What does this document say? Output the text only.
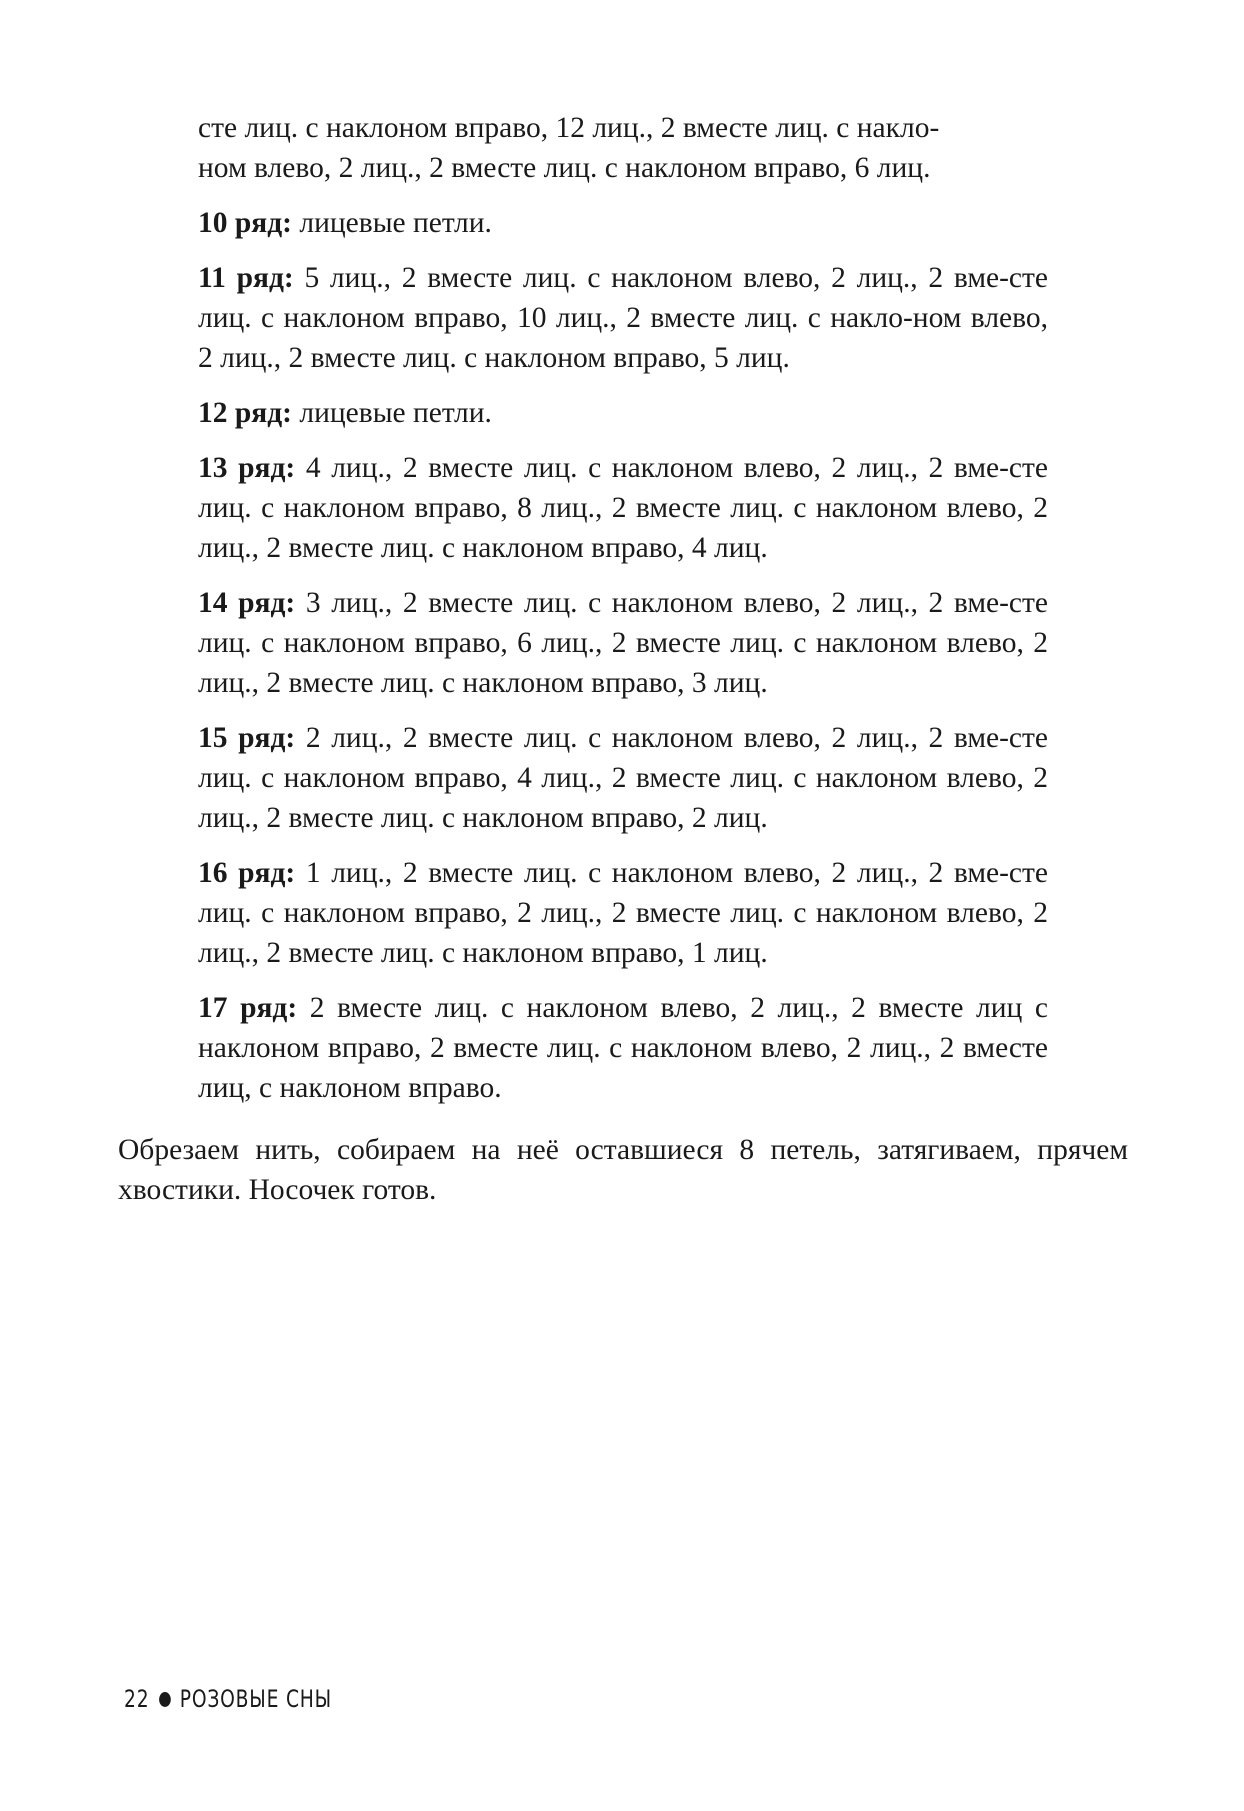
сте лиц. с наклоном вправо, 12 лиц., 2 вместе лиц. с накло-
ном влево, 2 лиц., 2 вместе лиц. с наклоном вправо, 6 лиц.

10 ряд: лицевые петли.

11 ряд: 5 лиц., 2 вместе лиц. с наклоном влево, 2 лиц., 2 вме-сте лиц. с наклоном вправо, 10 лиц., 2 вместе лиц. с накло-ном влево, 2 лиц., 2 вместе лиц. с наклоном вправо, 5 лиц.

12 ряд: лицевые петли.

13 ряд: 4 лиц., 2 вместе лиц. с наклоном влево, 2 лиц., 2 вме-сте лиц. с наклоном вправо, 8 лиц., 2 вместе лиц. с наклоном влево, 2 лиц., 2 вместе лиц. с наклоном вправо, 4 лиц.

14 ряд: 3 лиц., 2 вместе лиц. с наклоном влево, 2 лиц., 2 вме-сте лиц. с наклоном вправо, 6 лиц., 2 вместе лиц. с наклоном влево, 2 лиц., 2 вместе лиц. с наклоном вправо, 3 лиц.

15 ряд: 2 лиц., 2 вместе лиц. с наклоном влево, 2 лиц., 2 вме-сте лиц. с наклоном вправо, 4 лиц., 2 вместе лиц. с наклоном влево, 2 лиц., 2 вместе лиц. с наклоном вправо, 2 лиц.

16 ряд: 1 лиц., 2 вместе лиц. с наклоном влево, 2 лиц., 2 вме-сте лиц. с наклоном вправо, 2 лиц., 2 вместе лиц. с наклоном влево, 2 лиц., 2 вместе лиц. с наклоном вправо, 1 лиц.

17 ряд: 2 вместе лиц. с наклоном влево, 2 лиц., 2 вместе лиц с наклоном вправо, 2 вместе лиц. с наклоном влево, 2 лиц., 2 вместе лиц, с наклоном вправо.

Обрезаем нить, собираем на неё оставшиеся 8 петель, затягиваем, прячем хвостики. Носочек готов.

22 РОЗОВЫЕ СНЫ
